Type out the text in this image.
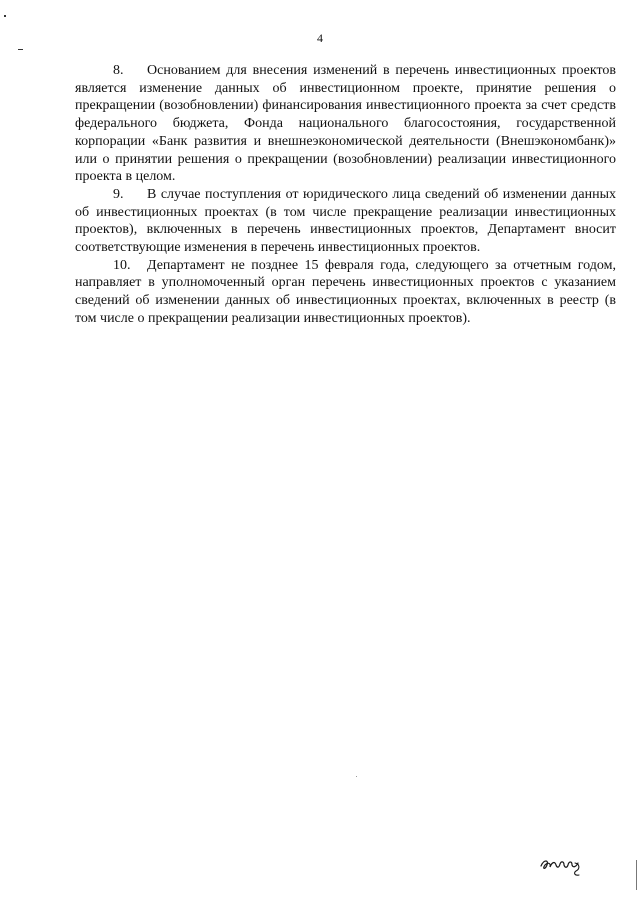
4

8. Основанием для внесения изменений в перечень инвестиционных проектов является изменение данных об инвестиционном проекте, принятие решения о прекращении (возобновлении) финансирования инвестиционного проекта за счет средств федерального бюджета, Фонда национального благосостояния, государственной корпорации «Банк развития и внешнеэкономической деятельности (Внешэкономбанк)» или о принятии решения о прекращении (возобновлении) реализации инвестиционного проекта в целом.

9. В случае поступления от юридического лица сведений об изменении данных об инвестиционных проектах (в том числе прекращение реализации инвестиционных проектов), включенных в перечень инвестиционных проектов, Департамент вносит соответствующие изменения в перечень инвестиционных проектов.

10. Департамент не позднее 15 февраля года, следующего за отчетным годом, направляет в уполномоченный орган перечень инвестиционных проектов с указанием сведений об изменении данных об инвестиционных проектах, включенных в реестр (в том числе о прекращении реализации инвестиционных проектов).
